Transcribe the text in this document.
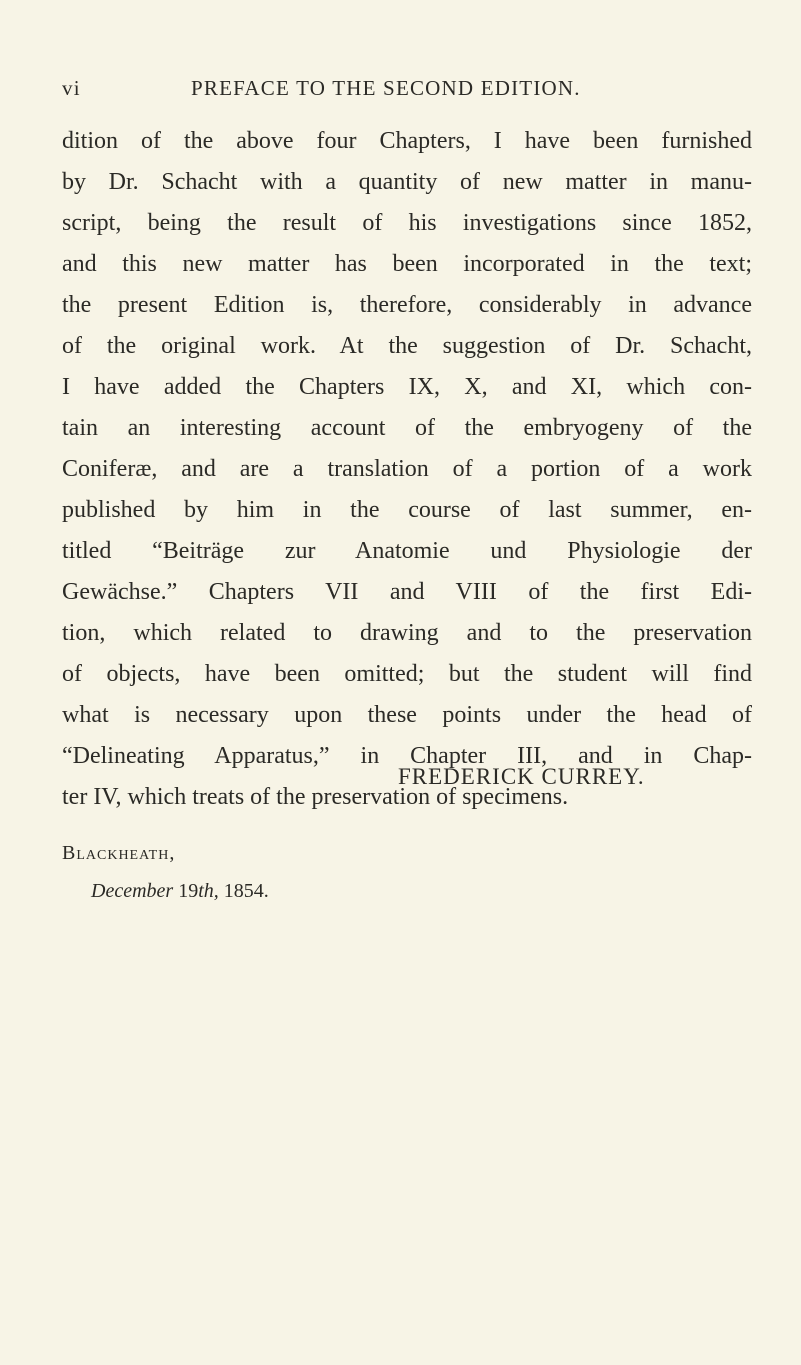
vi	PREFACE TO THE SECOND EDITION.
dition of the above four Chapters, I have been furnished
by Dr. Schacht with a quantity of new matter in manu-
script, being the result of his investigations since 1852,
and this new matter has been incorporated in the text;
the present Edition is, therefore, considerably in advance
of the original work. At the suggestion of Dr. Schacht,
I have added the Chapters IX, X, and XI, which con-
tain an interesting account of the embryogeny of the
Coniferæ, and are a translation of a portion of a work
published by him in the course of last summer, en-
titled “Beiträge zur Anatomie und Physiologie der
Gewächse.” Chapters VII and VIII of the first Edi-
tion, which related to drawing and to the preservation
of objects, have been omitted; but the student will find
what is necessary upon these points under the head of
“Delineating Apparatus,” in Chapter III, and in Chap-
ter IV, which treats of the preservation of specimens.
FREDERICK CURREY.
Blackheath,
December 19th, 1854.
